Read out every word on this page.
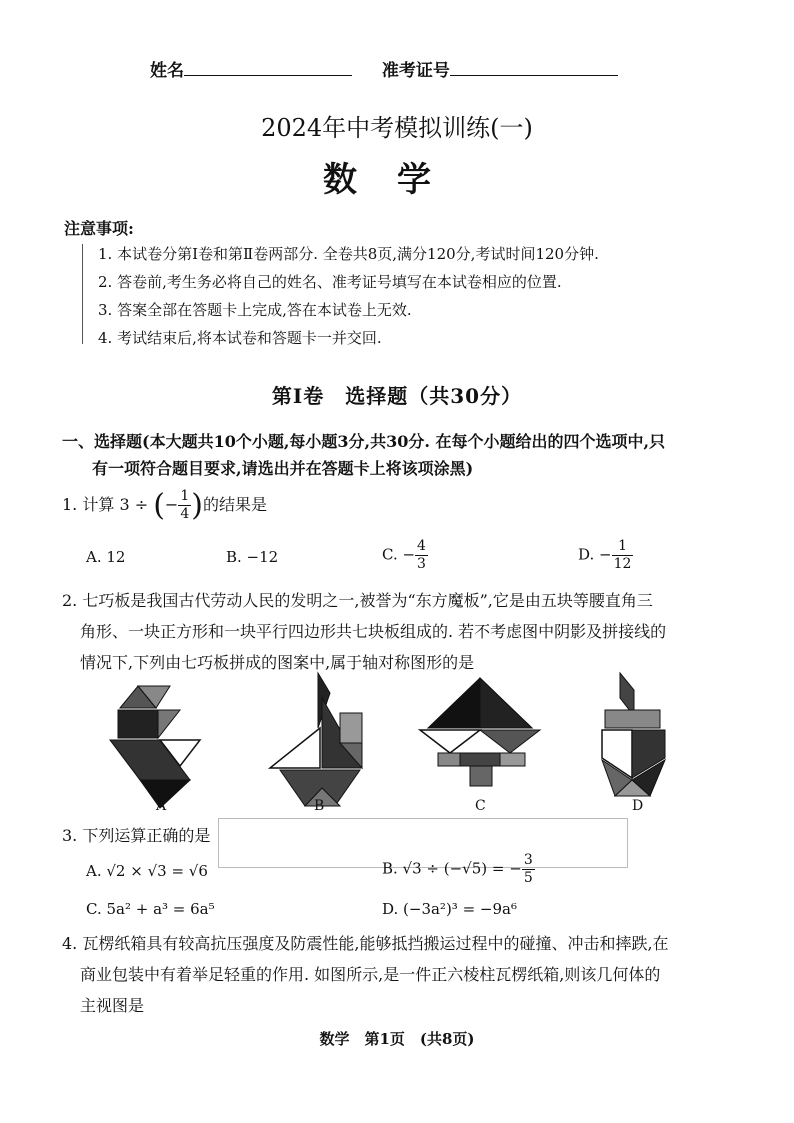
姓名	准考证号
2024年中考模拟训练(一)
数学
注意事项:
1. 本试卷分第Ⅰ卷和第Ⅱ卷两部分. 全卷共8页,满分120分,考试时间120分钟.
2. 答卷前,考生务必将自己的姓名、准考证号填写在本试卷相应的位置.
3. 答案全部在答题卡上完成,答在本试卷上无效.
4. 考试结束后,将本试卷和答题卡一并交回.
第Ⅰ卷　选择题（共30分）
一、选择题(本大题共10个小题,每小题3分,共30分. 在每个小题给出的四个选项中,只
有一项符合题目要求,请选出并在答题卡上将该项涂黑)
1. 计算 3 ÷ (− $\frac{1}{4}$ )的结果是
A. 12	B. −12	C. − $\frac{4}{3}$	D. − $\frac{1}{12}$
2. 七巧板是我国古代劳动人民的发明之一,被誉为“东方魔板”,它是由五块等腰直角三
角形、一块正方形和一块平行四边形共七块板组成的. 若不考虑图中阴影及拼接线的
情况下,下列由七巧板拼成的图案中,属于轴对称图形的是
A	B	C	D
3. 下列运算正确的是
A. √2 × √3 = √6	B. √3 ÷ (−√5) = − $\frac{3}{5}$
C. 5a² + a³ = 6a⁵	D. (−3a²)³ = −9a⁶
4. 瓦楞纸箱具有较高抗压强度及防震性能,能够抵挡搬运过程中的碰撞、冲击和摔跌,在
商业包装中有着举足轻重的作用. 如图所示,是一件正六棱柱瓦楞纸箱,则该几何体的
主视图是
数学　第1页　(共8页)
